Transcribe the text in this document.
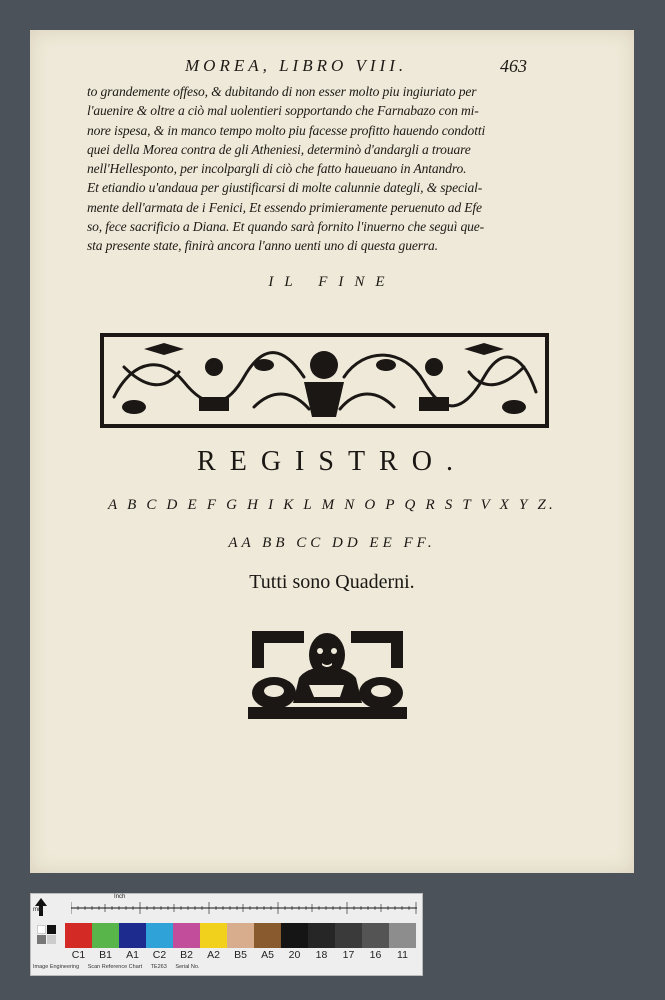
MOREA, LIBRO VIII.	463
to grandemente offeso, & dubitando di non esser molto piu ingiuriato per
l'auenire & oltre a ciò mal uolentieri sopportando che Farnabazo con mi-
nore ispesa, & in manco tempo molto piu facesse profitto hauendo condotti
quei della Morea contra de gli Atheniesi, determinò d'andargli a trouare
nell'Hellesponto, per incolpargli di ciò che fatto haueuano in Antandro.
Et etiandio u'andaua per giustificarsi di molte calunnie dategli, & special-
mente dell'armata de i Fenici, Et essendo primieramente peruenuto ad Efe
so, fece sacrificio a Diana. Et quando sarà fornito l'inuerno che seguì que-
sta presente state, finirà ancora l'anno uenti uno di questa guerra.
IL FINE
REGISTRO.
A B C D E F G H I K L M N O P Q R S T V X Y Z.
AA BB CC DD EE FF.
Tutti sono Quaderni.
mm
Inch
C1	B1	A1	C2	B2	A2	B5	A5	20	18	17	16	11
Image Engineering Scan Reference Chart TE263 Serial No.
